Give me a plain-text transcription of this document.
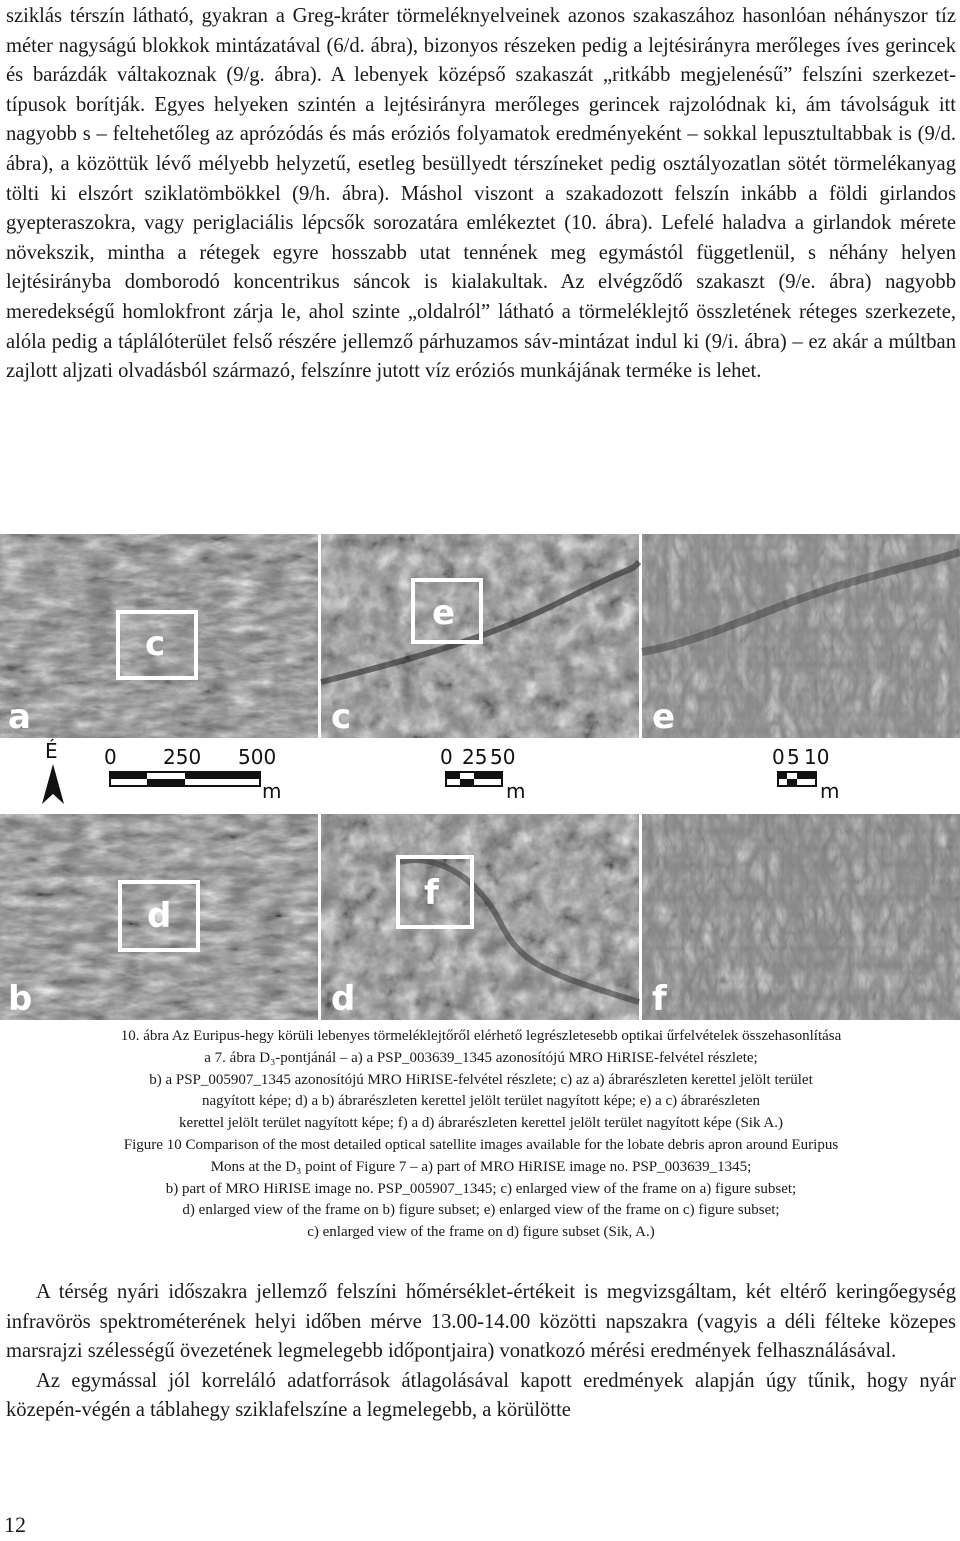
sziklás térszín látható, gyakran a Greg-kráter törmeléknyelveinek azonos szakaszához hasonlóan néhányszor tíz méter nagyságú blokkok mintázatával (6/d. ábra), bizonyos részeken pedig a lejtésirányra merőleges íves gerincek és barázdák váltakoznak (9/g. ábra). A lebenyek középső szakaszát „ritkább megjelenésű” felszíni szerkezet-típusok borítják. Egyes helyeken szintén a lejtésirányra merőleges gerincek rajzolódnak ki, ám távolságuk itt nagyobb s – feltehetőleg az aprózódás és más eróziós folyamatok eredményeként – sokkal lepusztultabbak is (9/d. ábra), a közöttük lévő mélyebb helyzetű, esetleg besüllyedt térszíneket pedig osztályozatlan sötét törmelékanyag tölti ki elszórt sziklatömbökkel (9/h. ábra). Máshol viszont a szakadozott felszín inkább a földi girlandos gyepteraszokra, vagy periglaciális lépcsők sorozatára emlékeztet (10. ábra). Lefelé haladva a girlandok mérete növekszik, mintha a rétegek egyre hosszabb utat tennének meg egymástól függetlenül, s néhány helyen lejtésirányba domborodó koncentrikus sáncok is kialakultak. Az elvégződő szakaszt (9/e. ábra) nagyobb meredekségű homlokfront zárja le, ahol szinte „oldalról” látható a törmeléklejtő összletének réteges szerkezete, alóla pedig a táplálóterület felső részére jellemző párhuzamos sáv-mintázat indul ki (9/i. ábra) – ez akár a múltban zajlott aljzati olvadásból származó, felszínre jutott víz eróziós munkájának terméke is lehet.

c
a
e
c	e
É 0 250 500
m
0 25 50
m
0 5 10
m
d
b
f
d	f

10. ábra Az Euripus-hegy körüli lebenyes törmeléklejtőről elérhető legrészletesebb optikai űrfelvételek összehasonlítása

a 7. ábra D₃-pontjánál – a) a PSP_003639_1345 azonosítójú MRO HiRISE-felvétel részlete;

b) a PSP_005907_1345 azonosítójú MRO HiRISE-felvétel részlete; c) az a) ábrarészleten kerettel jelölt terület

nagyított képe; d) a b) ábrarészleten kerettel jelölt terület nagyított képe; e) a c) ábrarészleten

kerettel jelölt terület nagyított képe; f) a d) ábrarészleten kerettel jelölt terület nagyított képe (Sik A.)

Figure 10 Comparison of the most detailed optical satellite images available for the lobate debris apron around Euripus

Mons at the D₃ point of Figure 7 – a) part of MRO HiRISE image no. PSP_003639_1345;

b) part of MRO HiRISE image no. PSP_005907_1345; c) enlarged view of the frame on a) figure subset;

d) enlarged view of the frame on b) figure subset; e) enlarged view of the frame on c) figure subset;

c) enlarged view of the frame on d) figure subset (Sik, A.)

A térség nyári időszakra jellemző felszíni hőmérséklet-értékeit is megvizsgáltam, két eltérő keringőegység infravörös spektrométerének helyi időben mérve 13.00-14.00 közötti napszakra (vagyis a déli félteke közepes marsrajzi szélességű övezetének legmelegebb időpontjaira) vonatkozó mérési eredmények felhasználásával.

Az egymással jól korreláló adatforrások átlagolásával kapott eredmények alapján úgy tűnik, hogy nyár közepén-végén a táblahegy sziklafelszíne a legmelegebb, a körülötte

12
